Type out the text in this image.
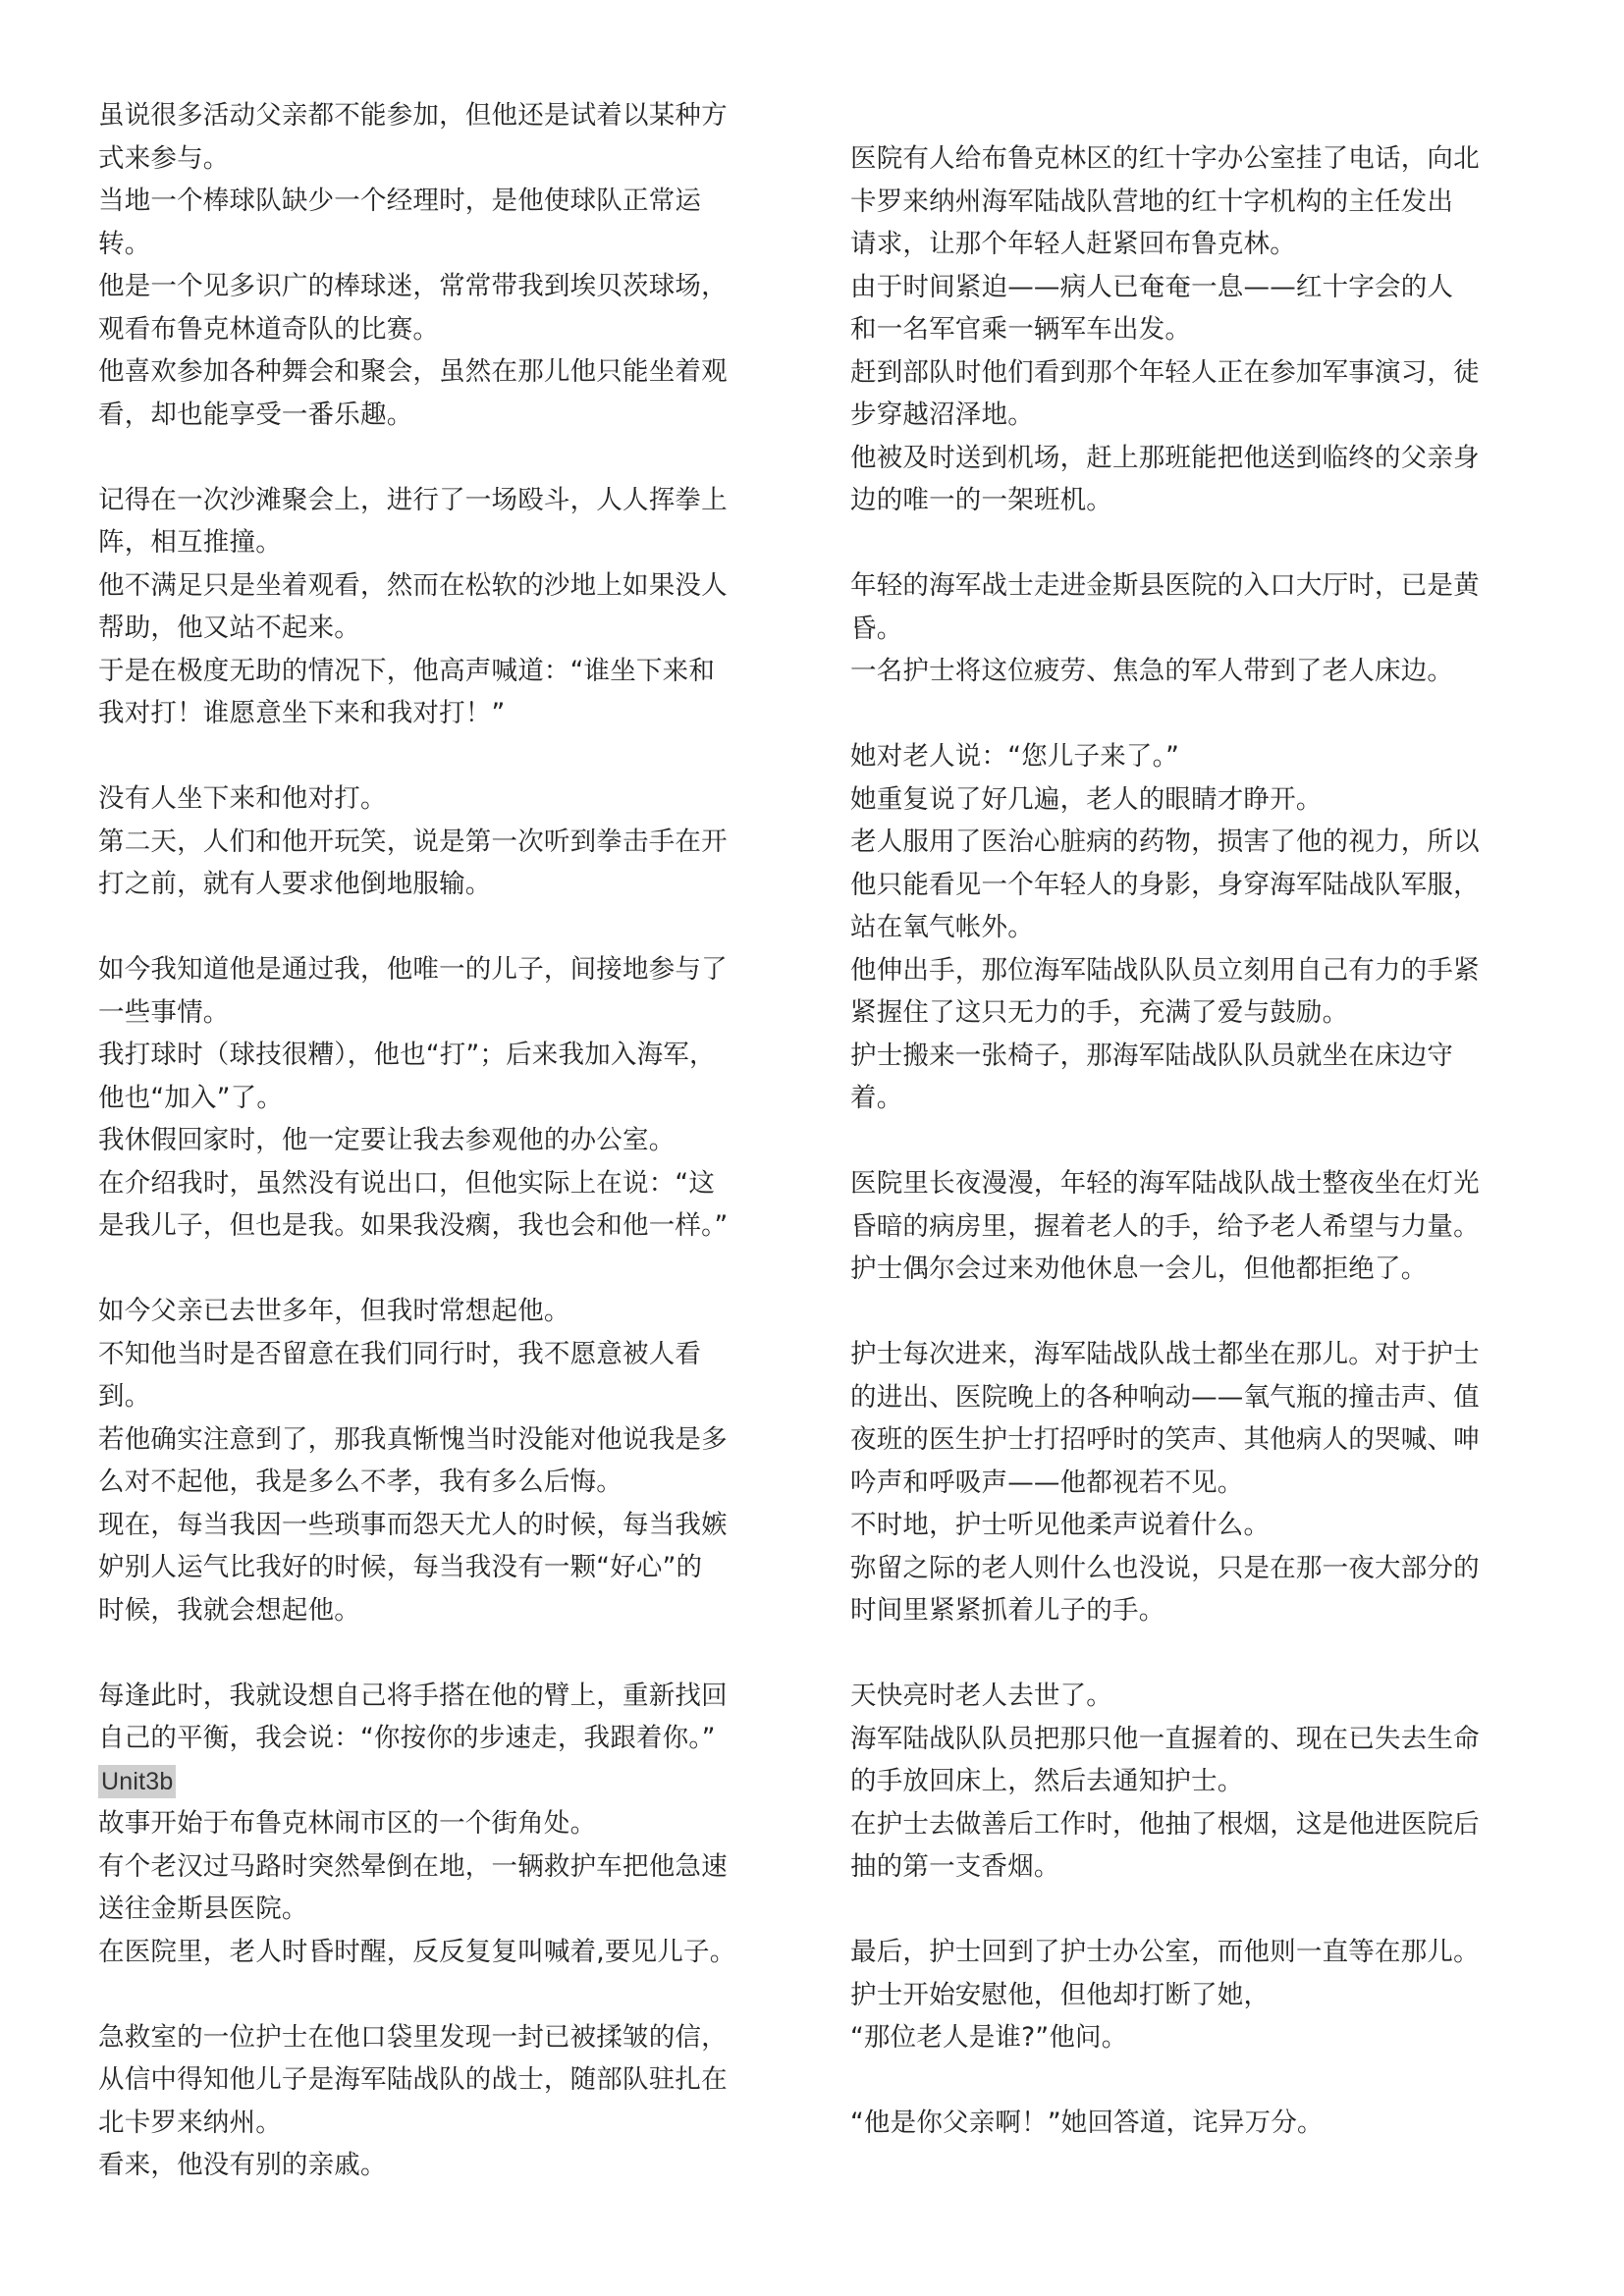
虽说很多活动父亲都不能参加，但他还是试着以某种方
式来参与。
当地一个棒球队缺少一个经理时，是他使球队正常运
转。
他是一个见多识广的棒球迷，常常带我到埃贝茨球场，
观看布鲁克林道奇队的比赛。
他喜欢参加各种舞会和聚会，虽然在那儿他只能坐着观
看，却也能享受一番乐趣。
记得在一次沙滩聚会上，进行了一场殴斗，人人挥拳上
阵，相互推撞。
他不满足只是坐着观看，然而在松软的沙地上如果没人
帮助，他又站不起来。
于是在极度无助的情况下，他高声喊道：“谁坐下来和
我对打！谁愿意坐下来和我对打！”
没有人坐下来和他对打。
第二天，人们和他开玩笑，说是第一次听到拳击手在开
打之前，就有人要求他倒地服输。
如今我知道他是通过我，他唯一的儿子，间接地参与了
一些事情。
我打球时（球技很糟），他也“打”；后来我加入海军，
他也“加入”了。
我休假回家时，他一定要让我去参观他的办公室。
在介绍我时，虽然没有说出口，但他实际上在说：“这
是我儿子，但也是我。如果我没瘸，我也会和他一样。”
如今父亲已去世多年，但我时常想起他。
不知他当时是否留意在我们同行时，我不愿意被人看
到。
若他确实注意到了，那我真惭愧当时没能对他说我是多
么对不起他，我是多么不孝，我有多么后悔。
现在，每当我因一些琐事而怨天尤人的时候，每当我嫉
妒别人运气比我好的时候，每当我没有一颗“好心”的
时候，我就会想起他。
每逢此时，我就设想自己将手搭在他的臂上，重新找回
自己的平衡，我会说：“你按你的步速走，我跟着你。”
Unit3b
故事开始于布鲁克林闹市区的一个街角处。
有个老汉过马路时突然晕倒在地，一辆救护车把他急速
送往金斯县医院。
在医院里，老人时昏时醒，反反复复叫喊着,要见儿子。
急救室的一位护士在他口袋里发现一封已被揉皱的信，
从信中得知他儿子是海军陆战队的战士，随部队驻扎在
北卡罗来纳州。
看来，他没有别的亲戚。
医院有人给布鲁克林区的红十字办公室挂了电话，向北
卡罗来纳州海军陆战队营地的红十字机构的主任发出
请求，让那个年轻人赶紧回布鲁克林。
由于时间紧迫——病人已奄奄一息——红十字会的人
和一名军官乘一辆军车出发。
赶到部队时他们看到那个年轻人正在参加军事演习，徒
步穿越沼泽地。
他被及时送到机场，赶上那班能把他送到临终的父亲身
边的唯一的一架班机。
年轻的海军战士走进金斯县医院的入口大厅时，已是黄
昏。
一名护士将这位疲劳、焦急的军人带到了老人床边。
她对老人说：“您儿子来了。”
她重复说了好几遍，老人的眼睛才睁开。
老人服用了医治心脏病的药物，损害了他的视力，所以
他只能看见一个年轻人的身影，身穿海军陆战队军服，
站在氧气帐外。
他伸出手，那位海军陆战队队员立刻用自己有力的手紧
紧握住了这只无力的手，充满了爱与鼓励。
护士搬来一张椅子，那海军陆战队队员就坐在床边守
着。
医院里长夜漫漫，年轻的海军陆战队战士整夜坐在灯光
昏暗的病房里，握着老人的手，给予老人希望与力量。
护士偶尔会过来劝他休息一会儿，但他都拒绝了。
护士每次进来，海军陆战队战士都坐在那儿。对于护士
的进出、医院晚上的各种响动——氧气瓶的撞击声、值
夜班的医生护士打招呼时的笑声、其他病人的哭喊、呻
吟声和呼吸声——他都视若不见。
不时地，护士听见他柔声说着什么。
弥留之际的老人则什么也没说，只是在那一夜大部分的
时间里紧紧抓着儿子的手。
天快亮时老人去世了。
海军陆战队队员把那只他一直握着的、现在已失去生命
的手放回床上，然后去通知护士。
在护士去做善后工作时，他抽了根烟，这是他进医院后
抽的第一支香烟。
最后，护士回到了护士办公室，而他则一直等在那儿。
护士开始安慰他，但他却打断了她，
“那位老人是谁?”他问。
“他是你父亲啊！”她回答道，诧异万分。
